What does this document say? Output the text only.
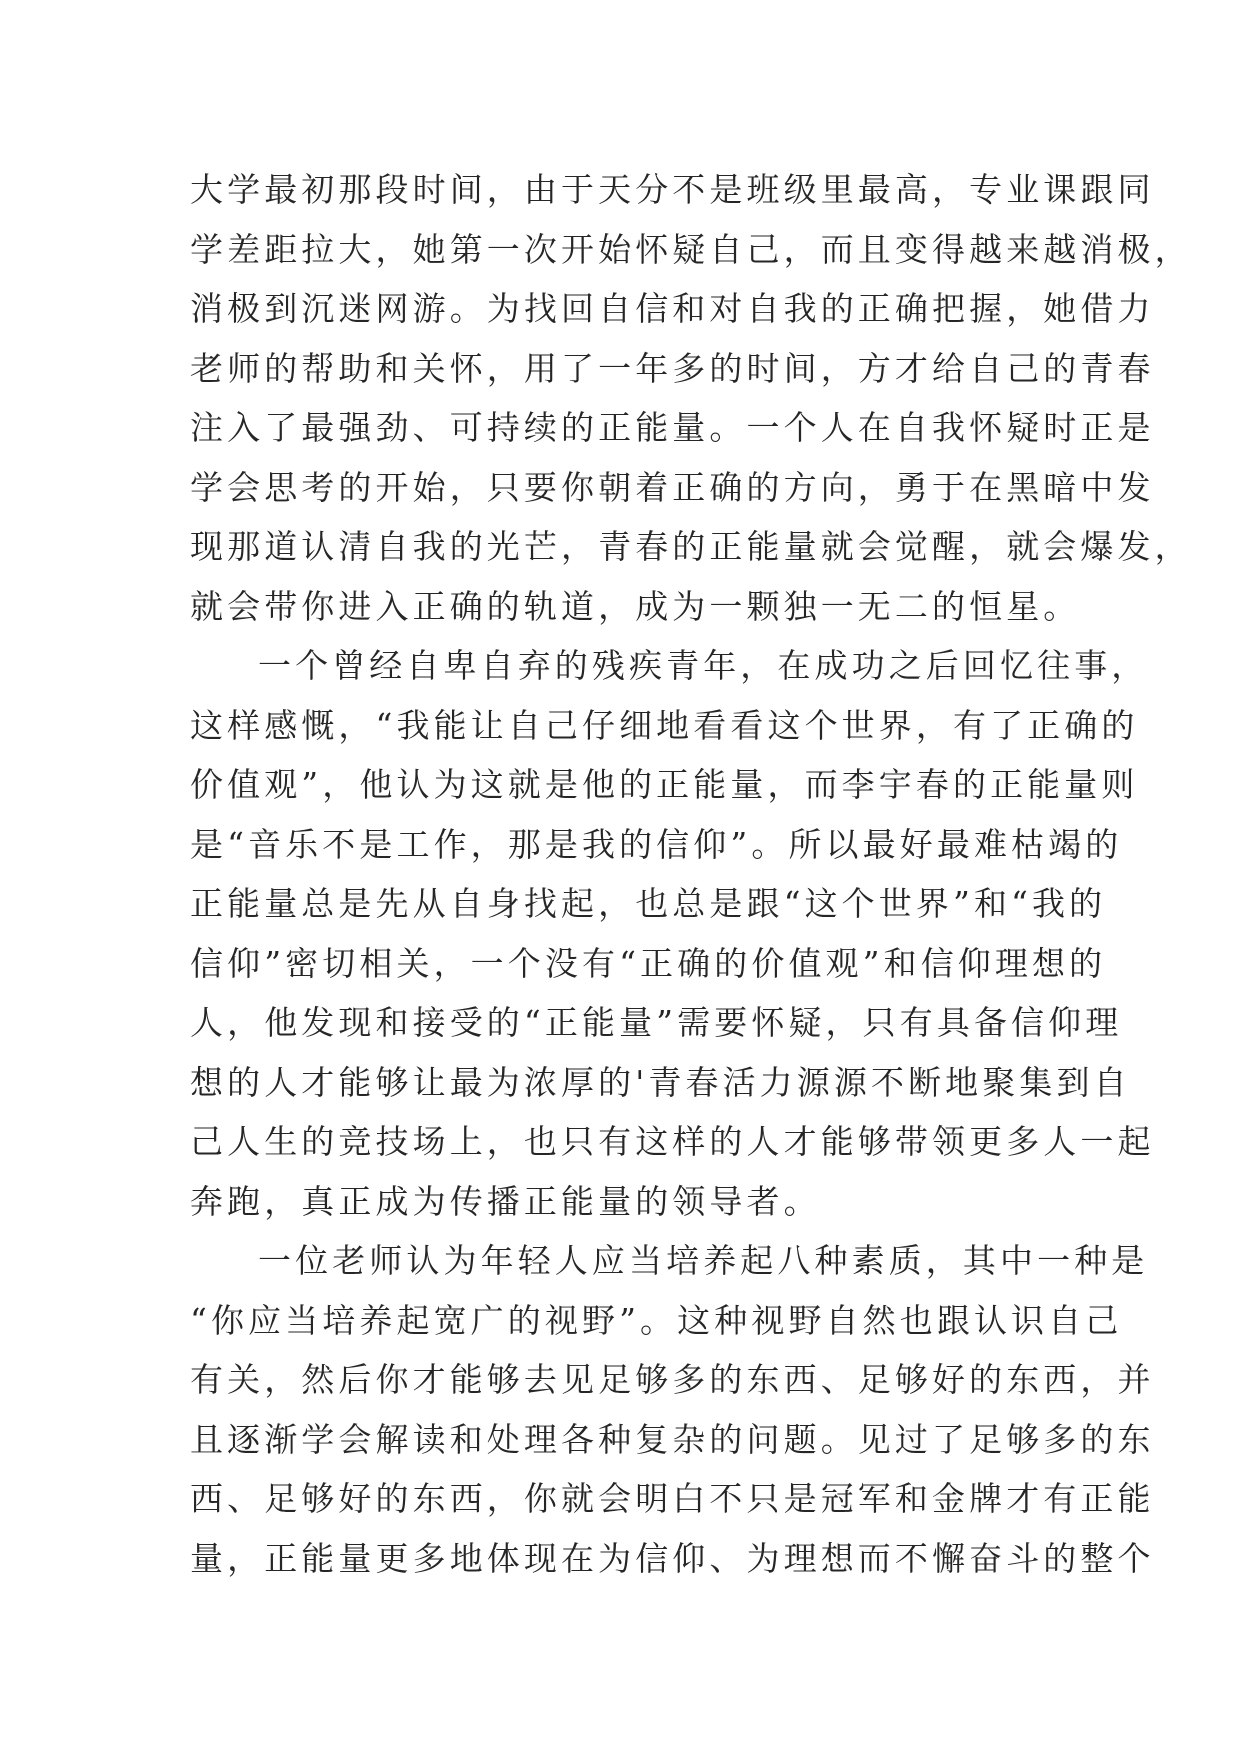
大学最初那段时间，由于天分不是班级里最高，专业课跟同
学差距拉大，她第一次开始怀疑自己，而且变得越来越消极，
消极到沉迷网游。为找回自信和对自我的正确把握，她借力
老师的帮助和关怀，用了一年多的时间，方才给自己的青春
注入了最强劲、可持续的正能量。一个人在自我怀疑时正是
学会思考的开始，只要你朝着正确的方向，勇于在黑暗中发
现那道认清自我的光芒，青春的正能量就会觉醒，就会爆发，
就会带你进入正确的轨道，成为一颗独一无二的恒星。
一个曾经自卑自弃的残疾青年，在成功之后回忆往事，
这样感慨，“我能让自己仔细地看看这个世界，有了正确的
价值观”，他认为这就是他的正能量，而李宇春的正能量则
是“音乐不是工作，那是我的信仰”。所以最好最难枯竭的
正能量总是先从自身找起，也总是跟“这个世界”和“我的
信仰”密切相关，一个没有“正确的价值观”和信仰理想的
人，他发现和接受的“正能量”需要怀疑，只有具备信仰理
想的人才能够让最为浓厚的'青春活力源源不断地聚集到自
己人生的竞技场上，也只有这样的人才能够带领更多人一起
奔跑，真正成为传播正能量的领导者。
一位老师认为年轻人应当培养起八种素质，其中一种是
“你应当培养起宽广的视野”。这种视野自然也跟认识自己
有关，然后你才能够去见足够多的东西、足够好的东西，并
且逐渐学会解读和处理各种复杂的问题。见过了足够多的东
西、足够好的东西，你就会明白不只是冠军和金牌才有正能
量，正能量更多地体现在为信仰、为理想而不懈奋斗的整个
